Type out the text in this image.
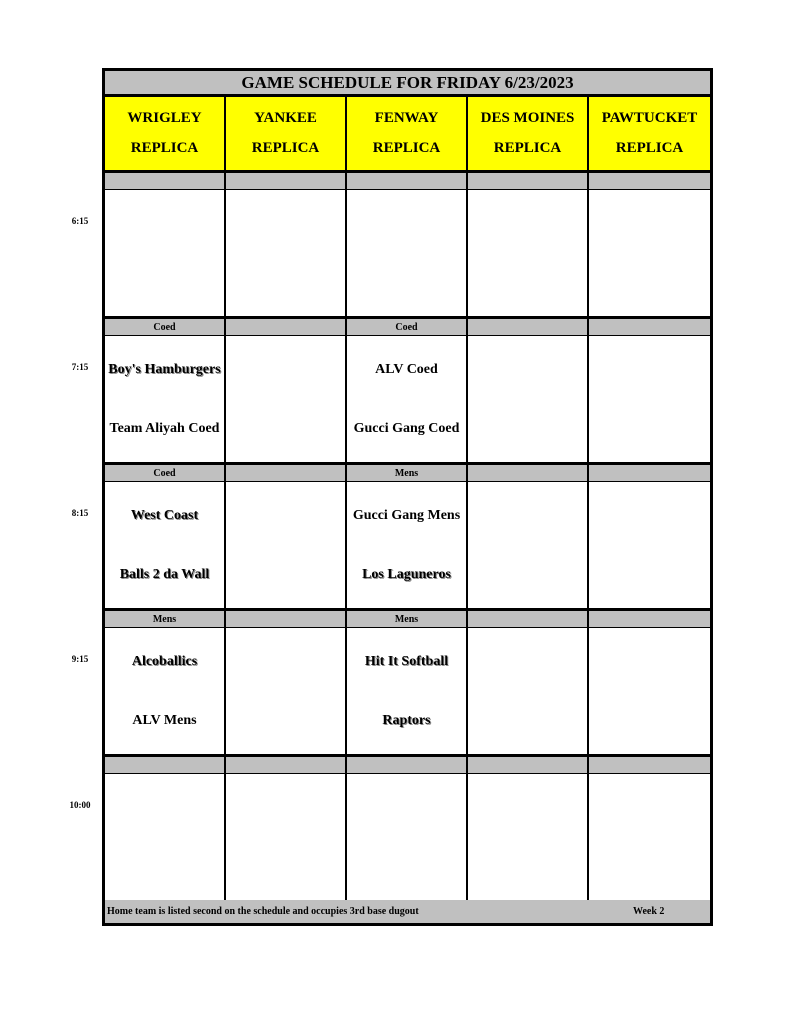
GAME SCHEDULE FOR FRIDAY 6/23/2023
Home team is listed second on the schedule and occupies 3rd base dugout	Week 2
WRIGLEY
REPLICA
YANKEE
REPLICA
FENWAY
REPLICA
DES MOINES
REPLICA
PAWTUCKET
REPLICA
Coed
Boy's Hamburgers
Team Aliyah Coed
Coed
ALV Coed
Gucci Gang Coed
Coed
West Coast
Balls 2 da Wall
Mens
Gucci Gang Mens
Los Laguneros
Mens
Alcoballics
ALV Mens
Mens
Hit It Softball
Raptors
6:15
7:15
8:15
9:15
10:00
